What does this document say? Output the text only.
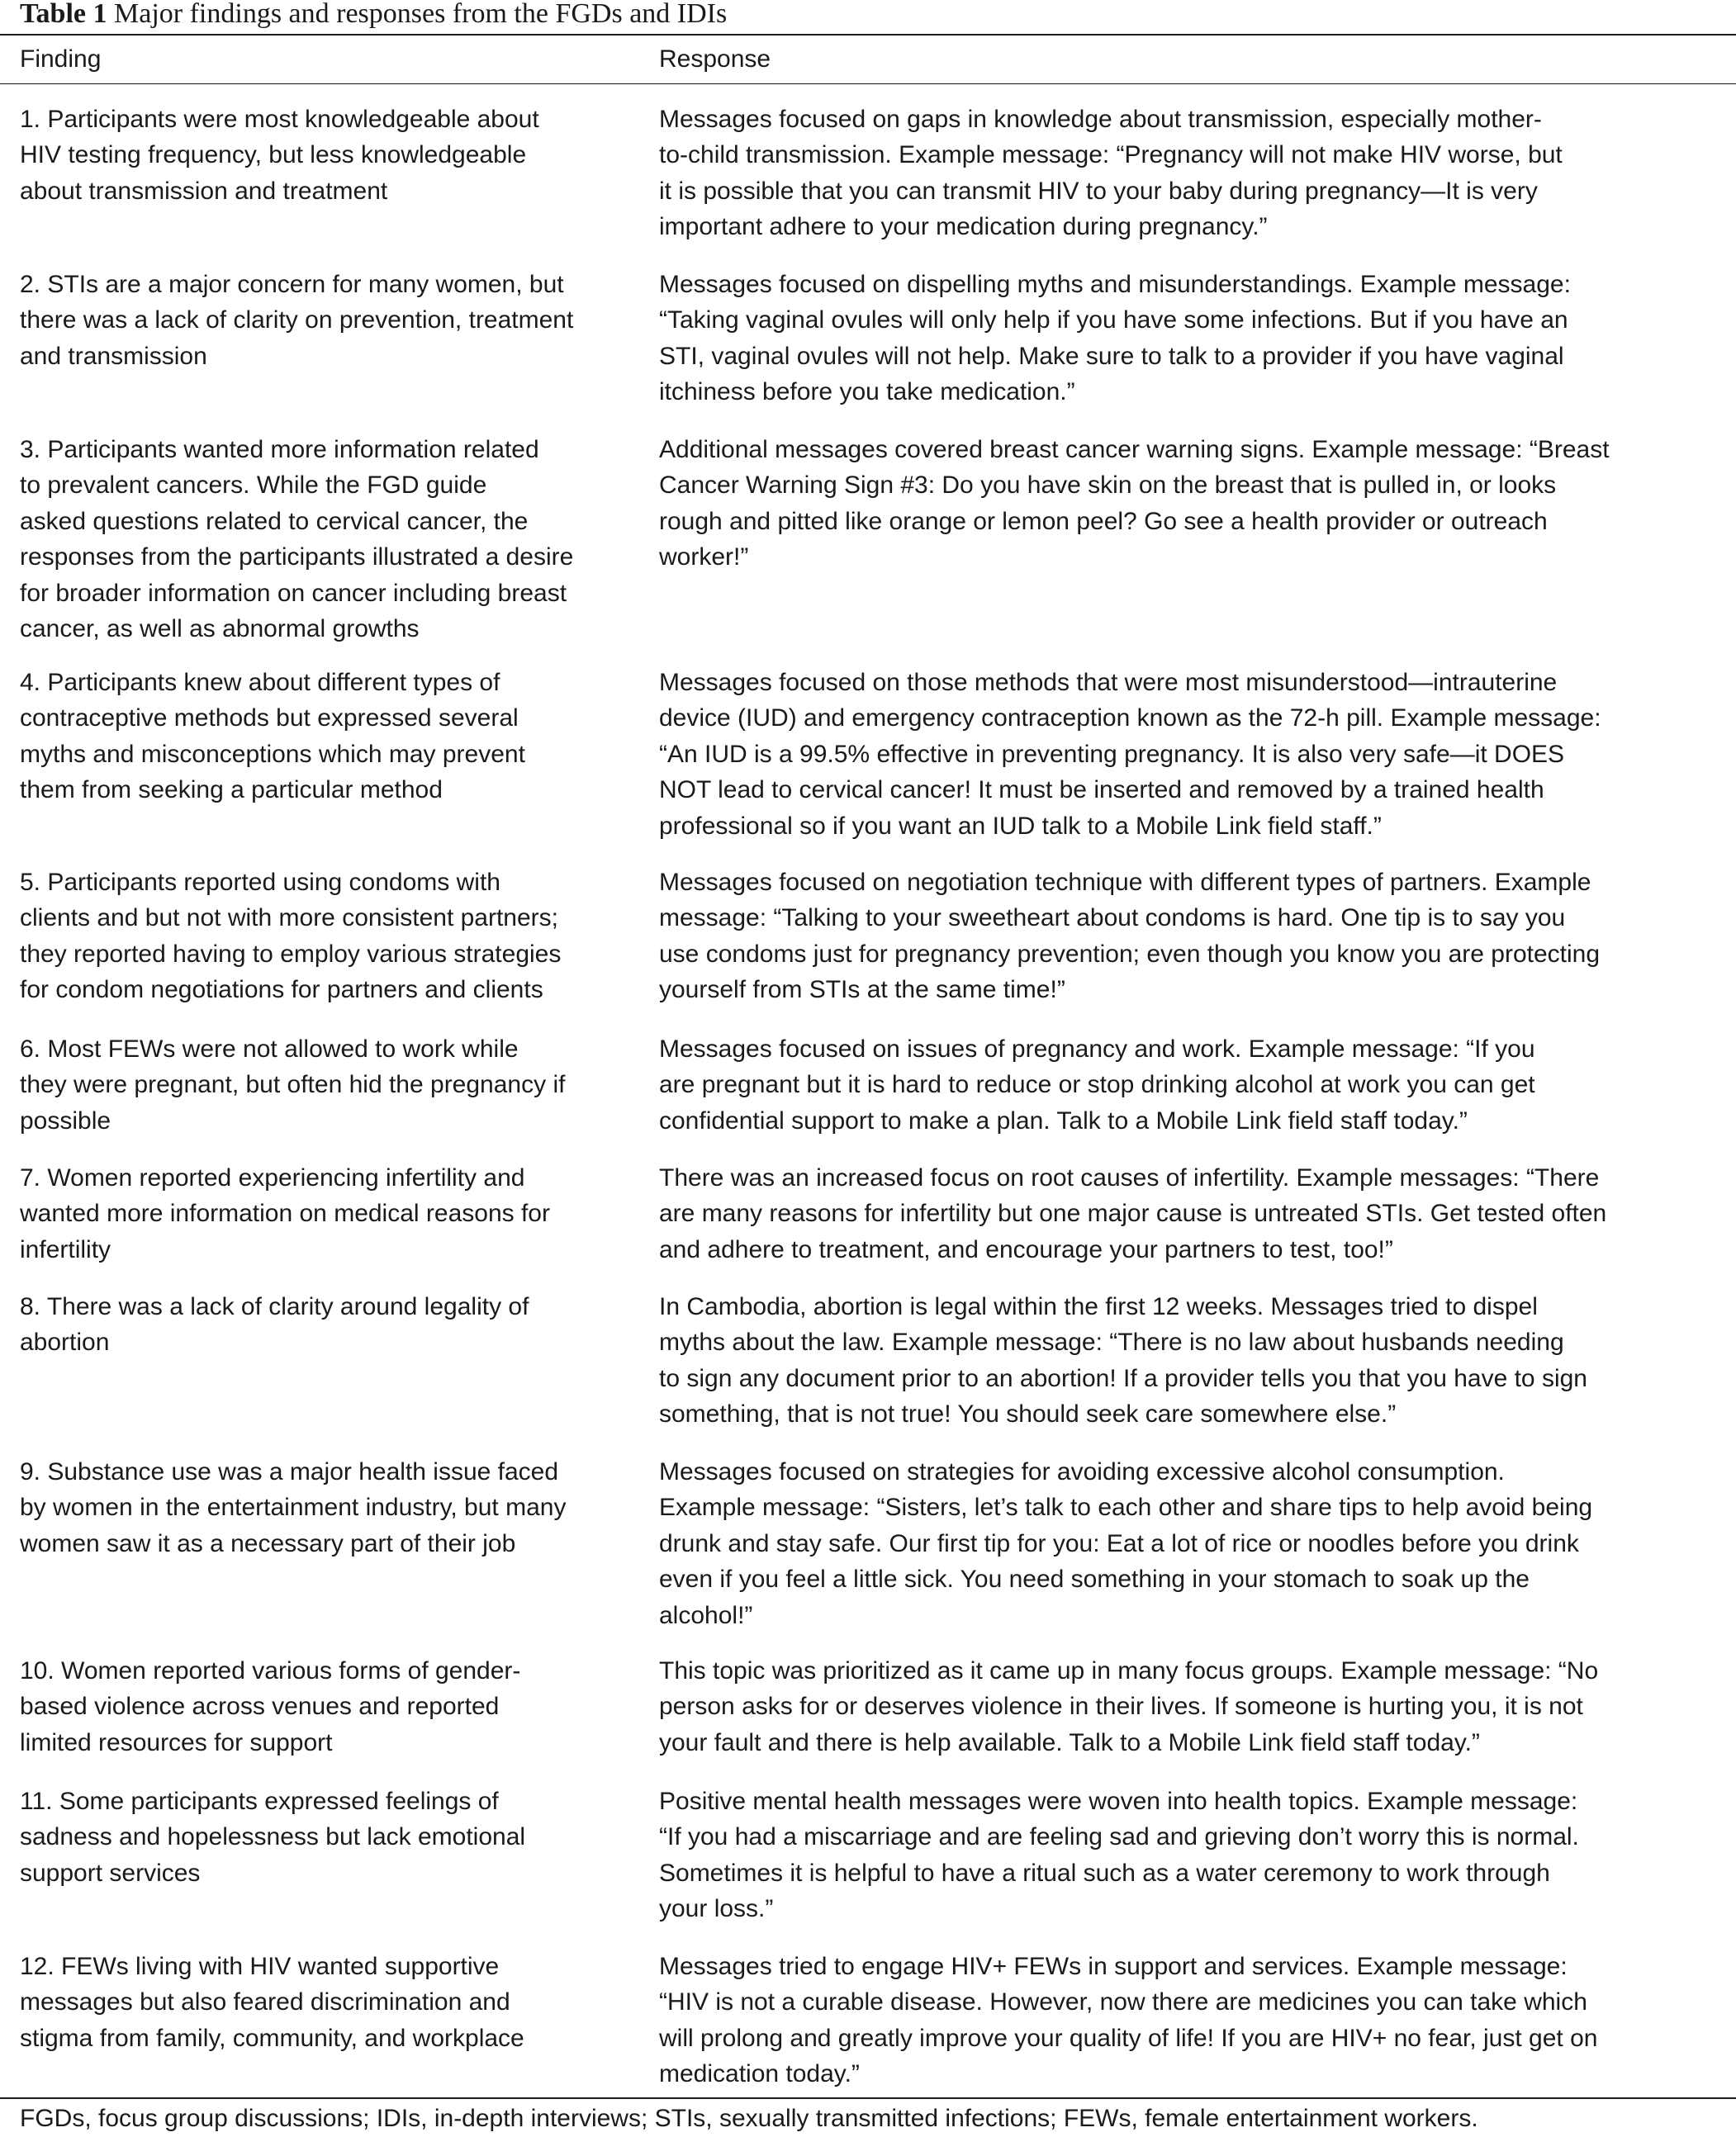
Table 1 Major findings and responses from the FGDs and IDIs
Finding	Response
1. Participants were most knowledgeable about
HIV testing frequency, but less knowledgeable
about transmission and treatment
Messages focused on gaps in knowledge about transmission, especially mother-
to-child transmission. Example message: “Pregnancy will not make HIV worse, but
it is possible that you can transmit HIV to your baby during pregnancy—It is very
important adhere to your medication during pregnancy.”
2. STIs are a major concern for many women, but
there was a lack of clarity on prevention, treatment
and transmission
Messages focused on dispelling myths and misunderstandings. Example message:
“Taking vaginal ovules will only help if you have some infections. But if you have an
STI, vaginal ovules will not help. Make sure to talk to a provider if you have vaginal
itchiness before you take medication.”
3. Participants wanted more information related
to prevalent cancers. While the FGD guide
asked questions related to cervical cancer, the
responses from the participants illustrated a desire
for broader information on cancer including breast
cancer, as well as abnormal growths
Additional messages covered breast cancer warning signs. Example message: “Breast
Cancer Warning Sign #3: Do you have skin on the breast that is pulled in, or looks
rough and pitted like orange or lemon peel? Go see a health provider or outreach
worker!”
4. Participants knew about different types of
contraceptive methods but expressed several
myths and misconceptions which may prevent
them from seeking a particular method
Messages focused on those methods that were most misunderstood—intrauterine
device (IUD) and emergency contraception known as the 72-h pill. Example message:
“An IUD is a 99.5% effective in preventing pregnancy. It is also very safe—it DOES
NOT lead to cervical cancer! It must be inserted and removed by a trained health
professional so if you want an IUD talk to a Mobile Link field staff.”
5. Participants reported using condoms with
clients and but not with more consistent partners;
they reported having to employ various strategies
for condom negotiations for partners and clients
Messages focused on negotiation technique with different types of partners. Example
message: “Talking to your sweetheart about condoms is hard. One tip is to say you
use condoms just for pregnancy prevention; even though you know you are protecting
yourself from STIs at the same time!”
6. Most FEWs were not allowed to work while
they were pregnant, but often hid the pregnancy if
possible
Messages focused on issues of pregnancy and work. Example message: “If you
are pregnant but it is hard to reduce or stop drinking alcohol at work you can get
confidential support to make a plan. Talk to a Mobile Link field staff today.”
7. Women reported experiencing infertility and
wanted more information on medical reasons for
infertility
There was an increased focus on root causes of infertility. Example messages: “There
are many reasons for infertility but one major cause is untreated STIs. Get tested often
and adhere to treatment, and encourage your partners to test, too!”
8. There was a lack of clarity around legality of
abortion
In Cambodia, abortion is legal within the first 12 weeks. Messages tried to dispel
myths about the law. Example message: “There is no law about husbands needing
to sign any document prior to an abortion! If a provider tells you that you have to sign
something, that is not true! You should seek care somewhere else.”
9. Substance use was a major health issue faced
by women in the entertainment industry, but many
women saw it as a necessary part of their job
Messages focused on strategies for avoiding excessive alcohol consumption.
Example message: “Sisters, let’s talk to each other and share tips to help avoid being
drunk and stay safe. Our first tip for you: Eat a lot of rice or noodles before you drink
even if you feel a little sick. You need something in your stomach to soak up the
alcohol!”
10. Women reported various forms of gender-
based violence across venues and reported
limited resources for support
This topic was prioritized as it came up in many focus groups. Example message: “No
person asks for or deserves violence in their lives. If someone is hurting you, it is not
your fault and there is help available. Talk to a Mobile Link field staff today.”
11. Some participants expressed feelings of
sadness and hopelessness but lack emotional
support services
Positive mental health messages were woven into health topics. Example message:
“If you had a miscarriage and are feeling sad and grieving don’t worry this is normal.
Sometimes it is helpful to have a ritual such as a water ceremony to work through
your loss.”
12. FEWs living with HIV wanted supportive
messages but also feared discrimination and
stigma from family, community, and workplace
Messages tried to engage HIV+ FEWs in support and services. Example message:
“HIV is not a curable disease. However, now there are medicines you can take which
will prolong and greatly improve your quality of life! If you are HIV+ no fear, just get on
medication today.”
FGDs, focus group discussions; IDIs, in-depth interviews; STIs, sexually transmitted infections; FEWs, female entertainment workers.
